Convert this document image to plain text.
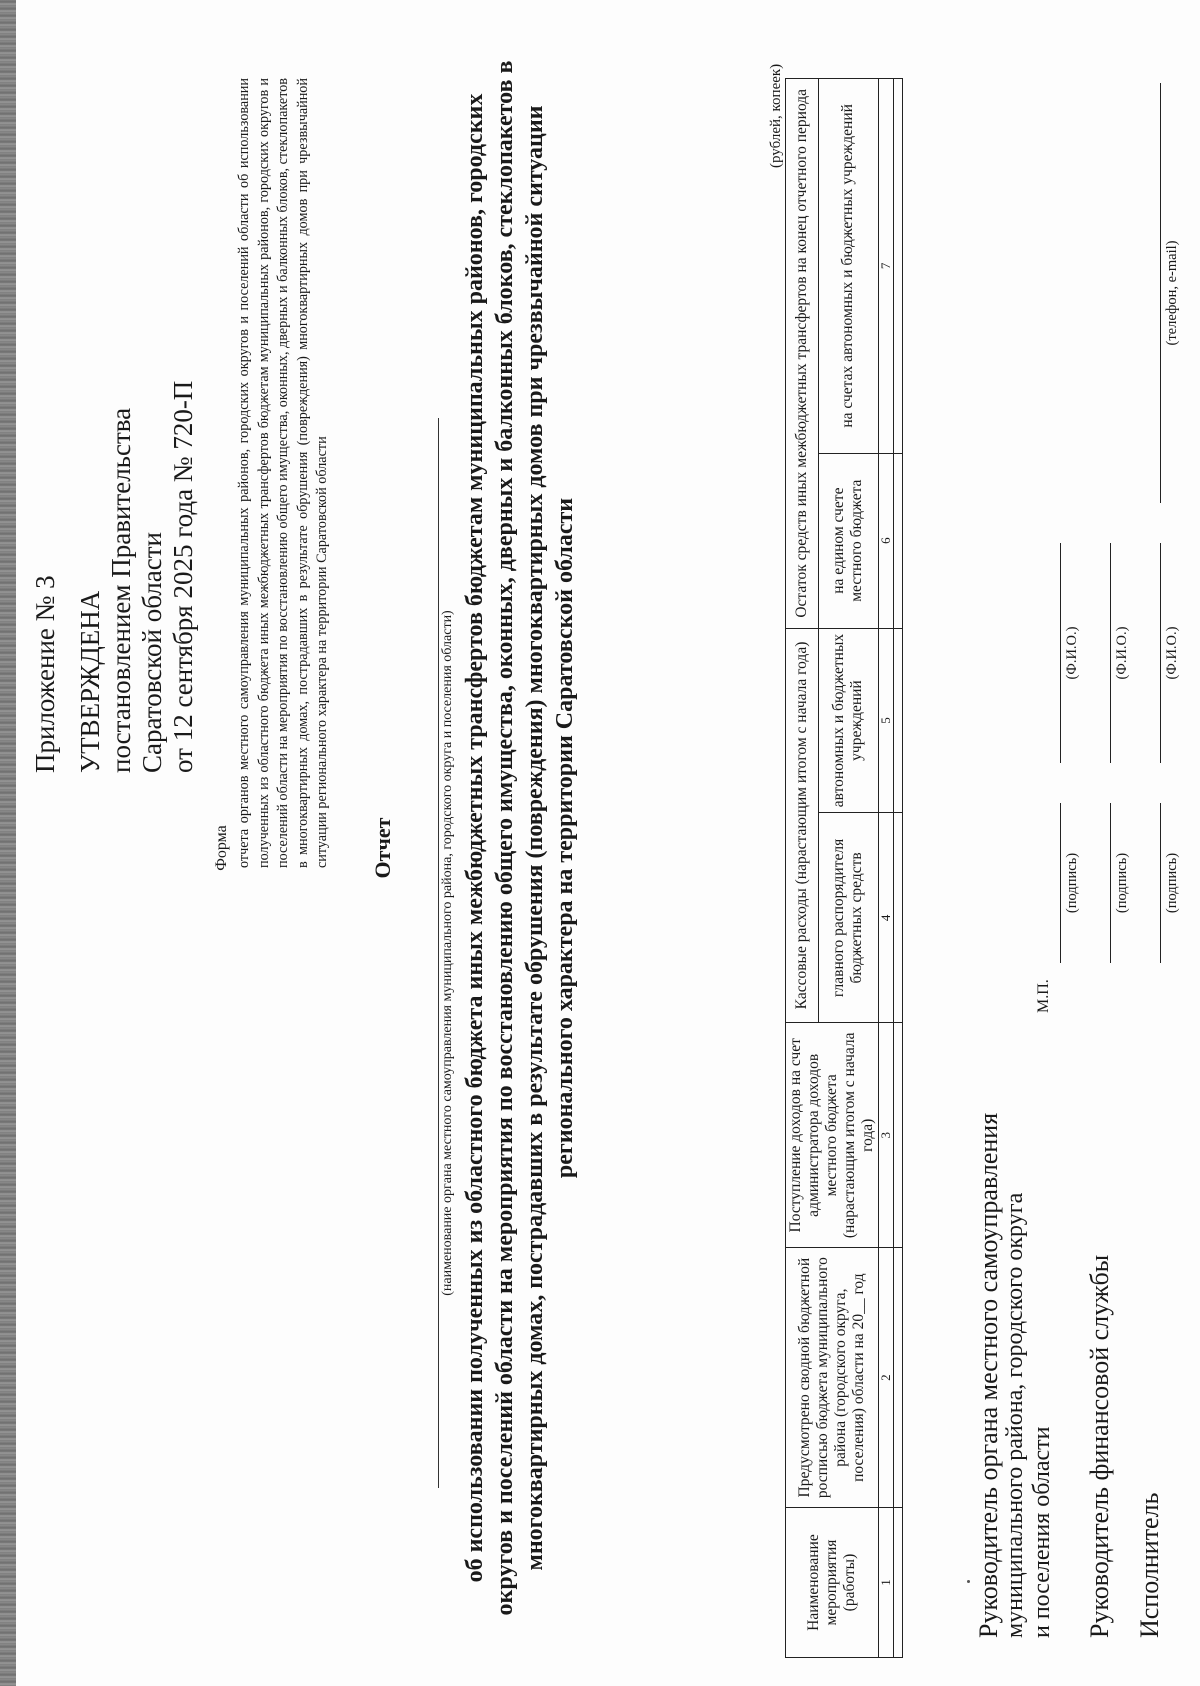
Приложение № 3 УТВЕРЖДЕНА постановлением Правительства Саратовской области от 12 сентября 2025 года № 720-П
Форма отчета органов местного самоуправления муниципальных районов, городских округов и поселений области об использовании полученных из областного бюджета иных межбюджетных трансфертов бюджетам муниципальных районов, городских округов и поселений области на мероприятия по восстановлению общего имущества, оконных, дверных и балконных блоков, стеклопакетов в многоквартирных домах, пострадавших в результате обрушения (повреждения) многоквартирных домов при чрезвычайной ситуации регионального характера на территории Саратовской области Отчет	(наименование органа местного самоуправления муниципального района, городского округа и поселения области) об использовании полученных из областного бюджета иных межбюджетных трансфертов бюджетам муниципальных районов, городских округов и поселений области на мероприятия по восстановлению общего имущества, оконных, дверных и балконных блоков, стеклопакетов в многоквартирных домах, пострадавших в результате обрушения (повреждения) многоквартирных домов при чрезвычайной ситуации регионального характера на территории Саратовской области
(рублей, копеек)
Наименование мероприятия (работы)	Предусмотрено сводной бюджетной росписью бюджета муниципального района (городского округа, поселения) области на 20__ год	Поступление доходов на счет администратора доходов местного бюджета (нарастающим итогом с начала года)	Кассовые расходы (нарастающим итогом с начала года)		Остаток средств иных межбюджетных трансфертов на конец отчетного периода	
			главного распорядителя бюджетных средств	автономных и бюджетных учреждений	на едином счете местного бюджета	на счетах автономных и бюджетных учреждений
1	2	3	4	5	6	7

Руководитель органа местного самоуправления муниципального района, городского округа и поселения области
М.П.
(подпись)
(Ф.И.О.)
Руководитель финансовой службы
(подпись)
(Ф.И.О.)
Исполнитель
(подпись)
(Ф.И.О.)
(телефон, e-mail)
